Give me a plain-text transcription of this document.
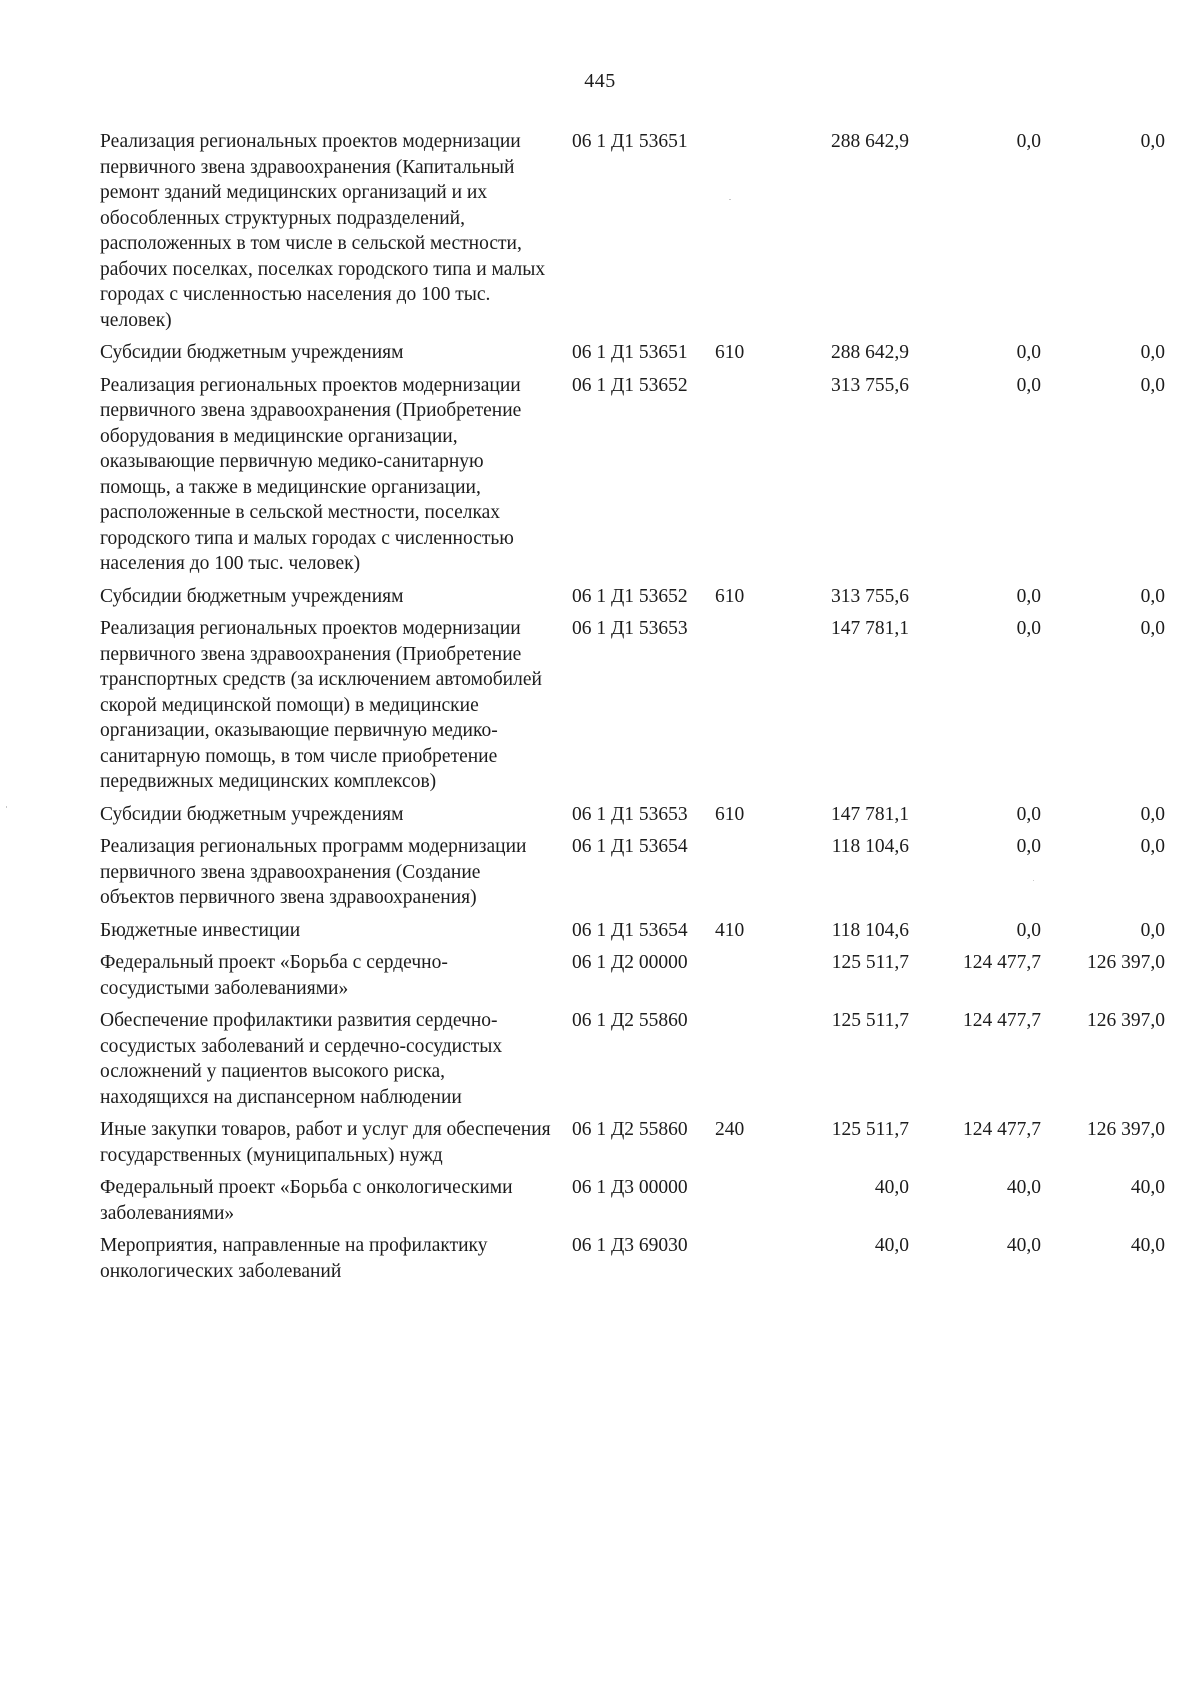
445
Реализация региональных проектов модернизации первичного звена здравоохранения (Капитальный ремонт зданий медицинских организаций и их обособленных структурных подразделений, расположенных в том числе в сельской местности, рабочих поселках, поселках городского типа и малых городах с численностью населения до 100 тыс. человек)	06 1 Д1 53651		288 642,9	0,0	0,0
Субсидии бюджетным учреждениям	06 1 Д1 53651	610	288 642,9	0,0	0,0
Реализация региональных проектов модернизации первичного звена здравоохранения (Приобретение оборудования в медицинские организации, оказывающие первичную медико-санитарную помощь, а также в медицинские организации, расположенные в сельской местности, поселках городского типа и малых городах с численностью населения до 100 тыс. человек)	06 1 Д1 53652		313 755,6	0,0	0,0
Субсидии бюджетным учреждениям	06 1 Д1 53652	610	313 755,6	0,0	0,0
Реализация региональных проектов модернизации первичного звена здравоохранения (Приобретение транспортных средств (за исключением автомобилей скорой медицинской помощи) в медицинские организации, оказывающие первичную медико-санитарную помощь, в том числе приобретение передвижных медицинских комплексов)	06 1 Д1 53653		147 781,1	0,0	0,0
Субсидии бюджетным учреждениям	06 1 Д1 53653	610	147 781,1	0,0	0,0
Реализация региональных программ модернизации первичного звена здравоохранения (Создание объектов первичного звена здравоохранения)	06 1 Д1 53654		118 104,6	0,0	0,0
Бюджетные инвестиции	06 1 Д1 53654	410	118 104,6	0,0	0,0
Федеральный проект «Борьба с сердечно-сосудистыми заболеваниями»	06 1 Д2 00000		125 511,7	124 477,7	126 397,0
Обеспечение профилактики развития сердечно-сосудистых заболеваний и сердечно-сосудистых осложнений у пациентов высокого риска, находящихся на диспансерном наблюдении	06 1 Д2 55860		125 511,7	124 477,7	126 397,0
Иные закупки товаров, работ и услуг для обеспечения государственных (муниципальных) нужд	06 1 Д2 55860	240	125 511,7	124 477,7	126 397,0
Федеральный проект «Борьба с онкологическими заболеваниями»	06 1 Д3 00000		40,0	40,0	40,0
Мероприятия, направленные на профилактику онкологических заболеваний	06 1 Д3 69030		40,0	40,0	40,0
